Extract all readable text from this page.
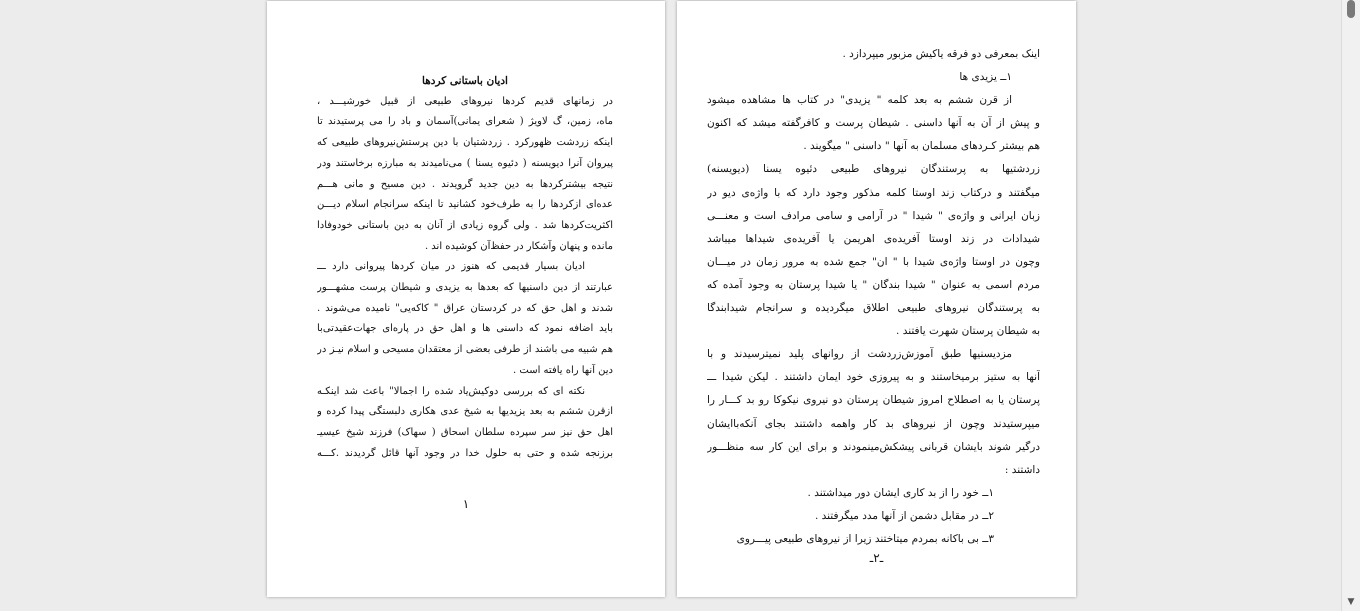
ادیان باستانی کردها
در زمانهای قدیم کردها نیروهای طبیعی از قبیل خورشیـــد ،
ماه، زمین، گ لاویژ ( شعرای یمانی)آسمان و باد را می پرستیدند تا
اینکه زردشت ظهورکرد . زردشتیان با دین پرستش‌نیروهای طبیعی که
پیروان آنرا دیویسنه ( دئیوه یسنا ) می‌نامیدند به مبارزه برخاستند ودر
نتیجه بیشترکردها به دین جدید گرویدند . دین مسیح و مانی هـــم
عده‌ای ازکردها را به طرف‌خود کشانید تا اینکه سرانجام اسلام دیـــن
اکثریت‌کردها شد . ولی گروه زیادی از آنان به دین باستانی خودوفادا
مانده و پنهان وآشکار در حفظ‌آن کوشیده اند .
ادیان بسیار قدیمی که هنوز در میان کردها پیروانی دارد ـــ
عبارتند از دین داسنیها که بعدها به یزیدی و شیطان پرست مشهـــور
شدند و اهل حق که در کردستان عراق " کاکه‌یی" نامیده می‌شوند .
باید اضافه نمود که داسنی ها و اهل حق در پاره‌ای جهات‌عقیدتی‌با
هم شبیه می باشند از طرفی بعضی از معتقدان مسیحی و اسلام نیـز در
دین آنها راه یافته است .
نکته ای که بررسی دوکیش‌یاد شده را اجمالا" باعث شد اینکـه
ازقرن ششم به بعد یزیدیها به شیخ عدی هکاری دلبستگی پیدا کرده و
اهل حق نیز سر سپرده سلطان اسحاق ( سهاک) فرزند شیخ عیسیـ
برزنجه شده و حتی به حلول خدا در وجود آنها قائل گردیدند .کـــه
۱
اینک بمعرفی دو فرقه یاکیش مزبور میپردازد .
۱ــ یزیدی ها
از قرن ششم به بعد کلمه " یزیدی" در کتاب ها مشاهده میشود
و پیش از آن به آنها داسنی . شیطان پرست و کافرگفته میشد که اکنون
هم بیشتر کـردهای مسلمان به آنها " داسنی " میگویند .
زردشتیها به پرستندگان نیروهای طبیعی دئیوه یسنا (دیویسنه)
میگفتند و درکتاب زند اوستا کلمه مذکور وجود دارد که با واژه‌ی دیو در
زبان ایرانی و واژه‌ی " شیدا " در آرامی و سامی مرادف است و معنـــی
شیدادات در زند اوستا آفریده‌ی اهریمن یا آفریده‌ی شیداها میباشد
وچون در اوستا واژه‌ی شیدا با " ان" جمع شده به مرور زمان در میـــان
مردم اسمی به عنوان " شیدا بندگان " یا شیدا پرستان به وجود آمده که
به پرستندگان نیروهای طبیعی اطلاق میگردیده و سرانجام شیدابندگا
به شیطان پرستان شهرت یافتند .
مزدیسنیها طبق آموزش‌زردشت از روانهای پلید نمیترسیدند و با
آنها به ستیز برمیخاستند و به پیروزی خود ایمان داشتند . لیکن شیدا ـــ
پرستان یا به اصطلاح امروز شیطان پرستان دو نیروی نیکوکا رو بد کـــار را
میپرستیدند وچون از نیروهای بد کار واهمه داشتند بجای آنکه‌با‌ایشان
درگیر شوند بایشان قربانی پیشکش‌مینمودند و برای این کار سه منظـــور
داشتند :
۱ــ خود را از بد کاری ایشان دور میداشتند .
۲ــ در مقابل دشمن از آنها مدد میگرفتند .
۳ــ بی باکانه بمردم میتاختند زیرا از نیروهای طبیعی پیـــروی
ـ۲ـ
▼
